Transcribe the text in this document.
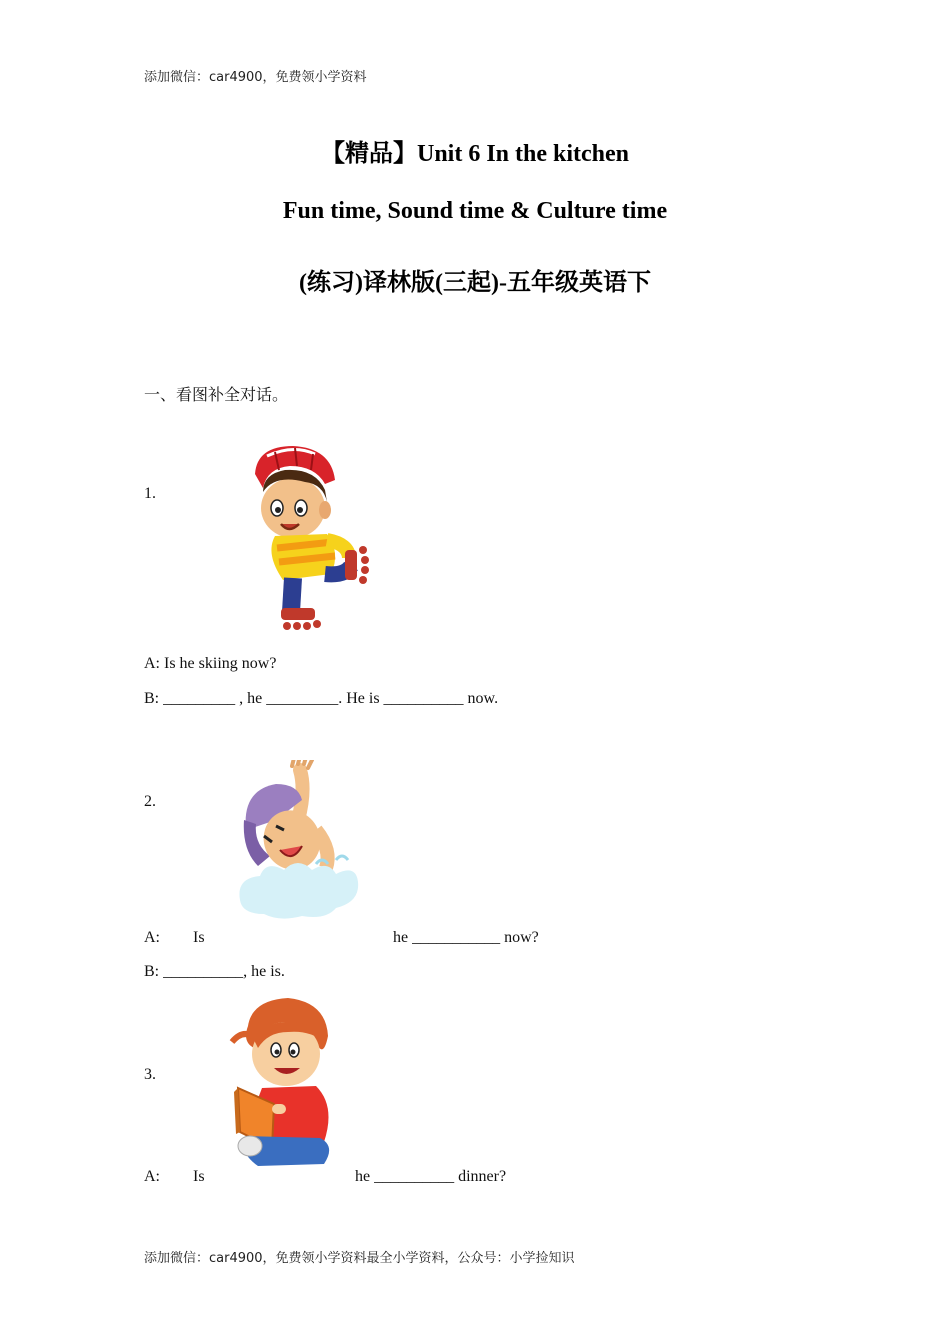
添加微信：car4900，免费领小学资料
【精品】Unit 6 In the kitchen
Fun time, Sound time & Culture time
(练习)译林版(三起)-五年级英语下
一、看图补全对话。
1.
A: Is he skiing now?
B: _________ , he _________. He is __________ now.
2.
A: Is	he ___________ now?
B: __________, he is.
3.
A: Is	he __________ dinner?
添加微信：car4900，免费领小学资料最全小学资料，公众号：小学捡知识
